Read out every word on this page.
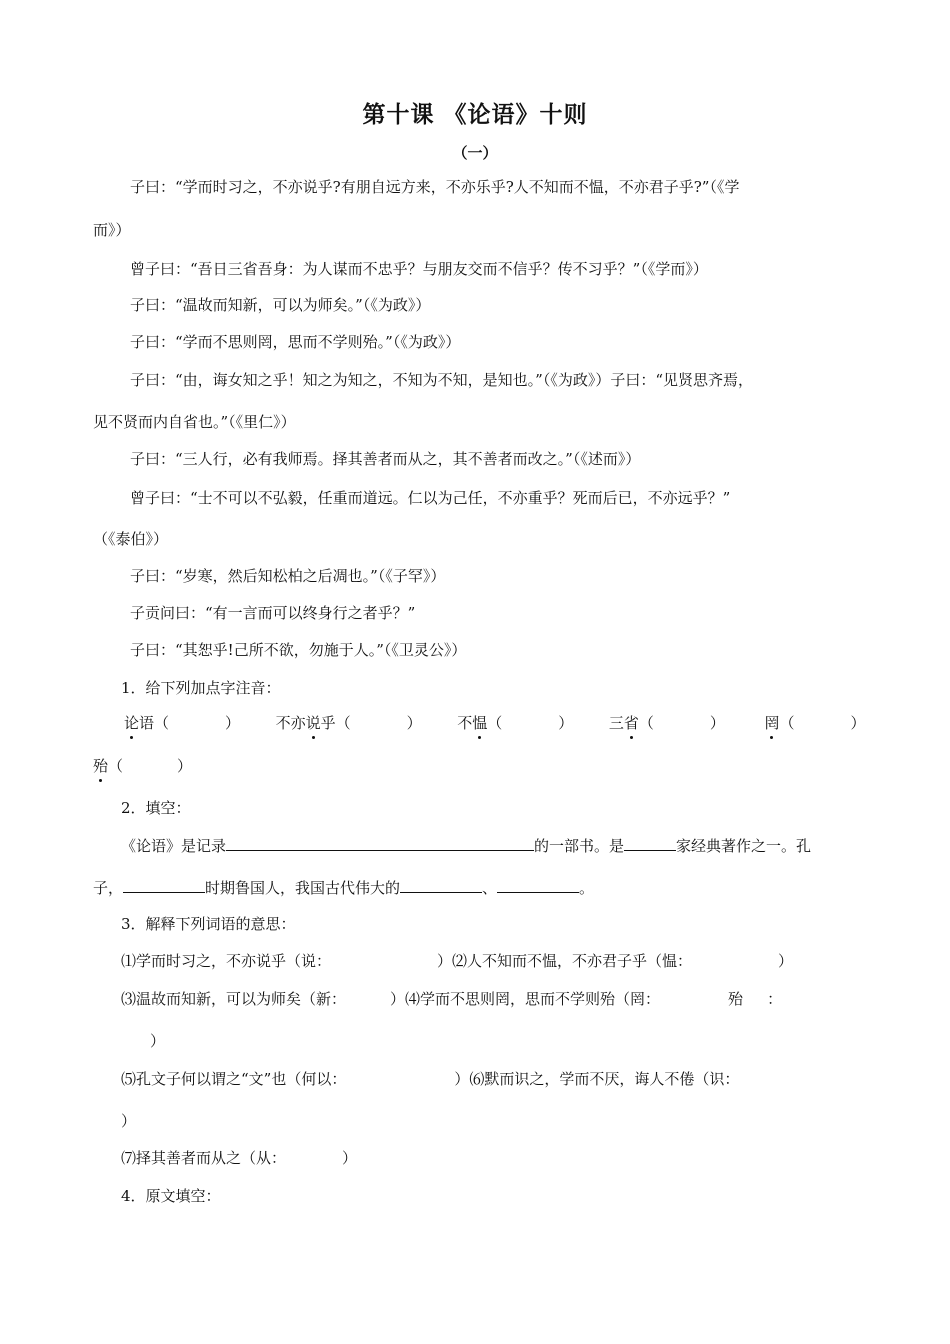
第十课 《论语》十则
（一）
子曰：“学而时习之，不亦说乎?有朋自远方来，不亦乐乎?人不知而不愠，不亦君子乎?”（《学
而》）
曾子曰：“吾日三省吾身：为人谋而不忠乎？与朋友交而不信乎？传不习乎？”（《学而》）
子曰：“温故而知新，可以为师矣。”（《为政》）
子曰：“学而不思则罔，思而不学则殆。”（《为政》）
子曰：“由，诲女知之乎！知之为知之，不知为不知，是知也。”（《为政》）子曰：“见贤思齐焉，
见不贤而内自省也。”（《里仁》）
子曰：“三人行，必有我师焉。择其善者而从之，其不善者而改之。”（《述而》）
曾子曰：“士不可以不弘毅，任重而道远。仁以为己任，不亦重乎？死而后已，不亦远乎？”
（《泰伯》）
子曰：“岁寒，然后知松柏之后凋也。”（《子罕》）
子贡问曰：“有一言而可以终身行之者乎？”
子曰：“其恕乎!己所不欲，勿施于人。”（《卫灵公》）
1．给下列加点字注音：
论语（	） 不亦说乎（	） 不愠（	） 三省（	）	罔（	）
殆（	）
2．填空：
《论语》是记录	的一部书。是	家经典著作之一。孔
子，	时期鲁国人，我国古代伟大的	、	。
3．解释下列词语的意思：
⑴学而时习之，不亦说乎（说：	）⑵人不知而不愠，不亦君子乎（愠：	）
⑶温故而知新，可以为师矣（新：	）⑷学而不思则罔，思而不学则殆（罔：	殆 ：
）
⑸孔文子何以谓之“文”也（何以：	）⑹默而识之，学而不厌，诲人不倦（识：
）
⑺择其善者而从之（从：	）
4．原文填空：
